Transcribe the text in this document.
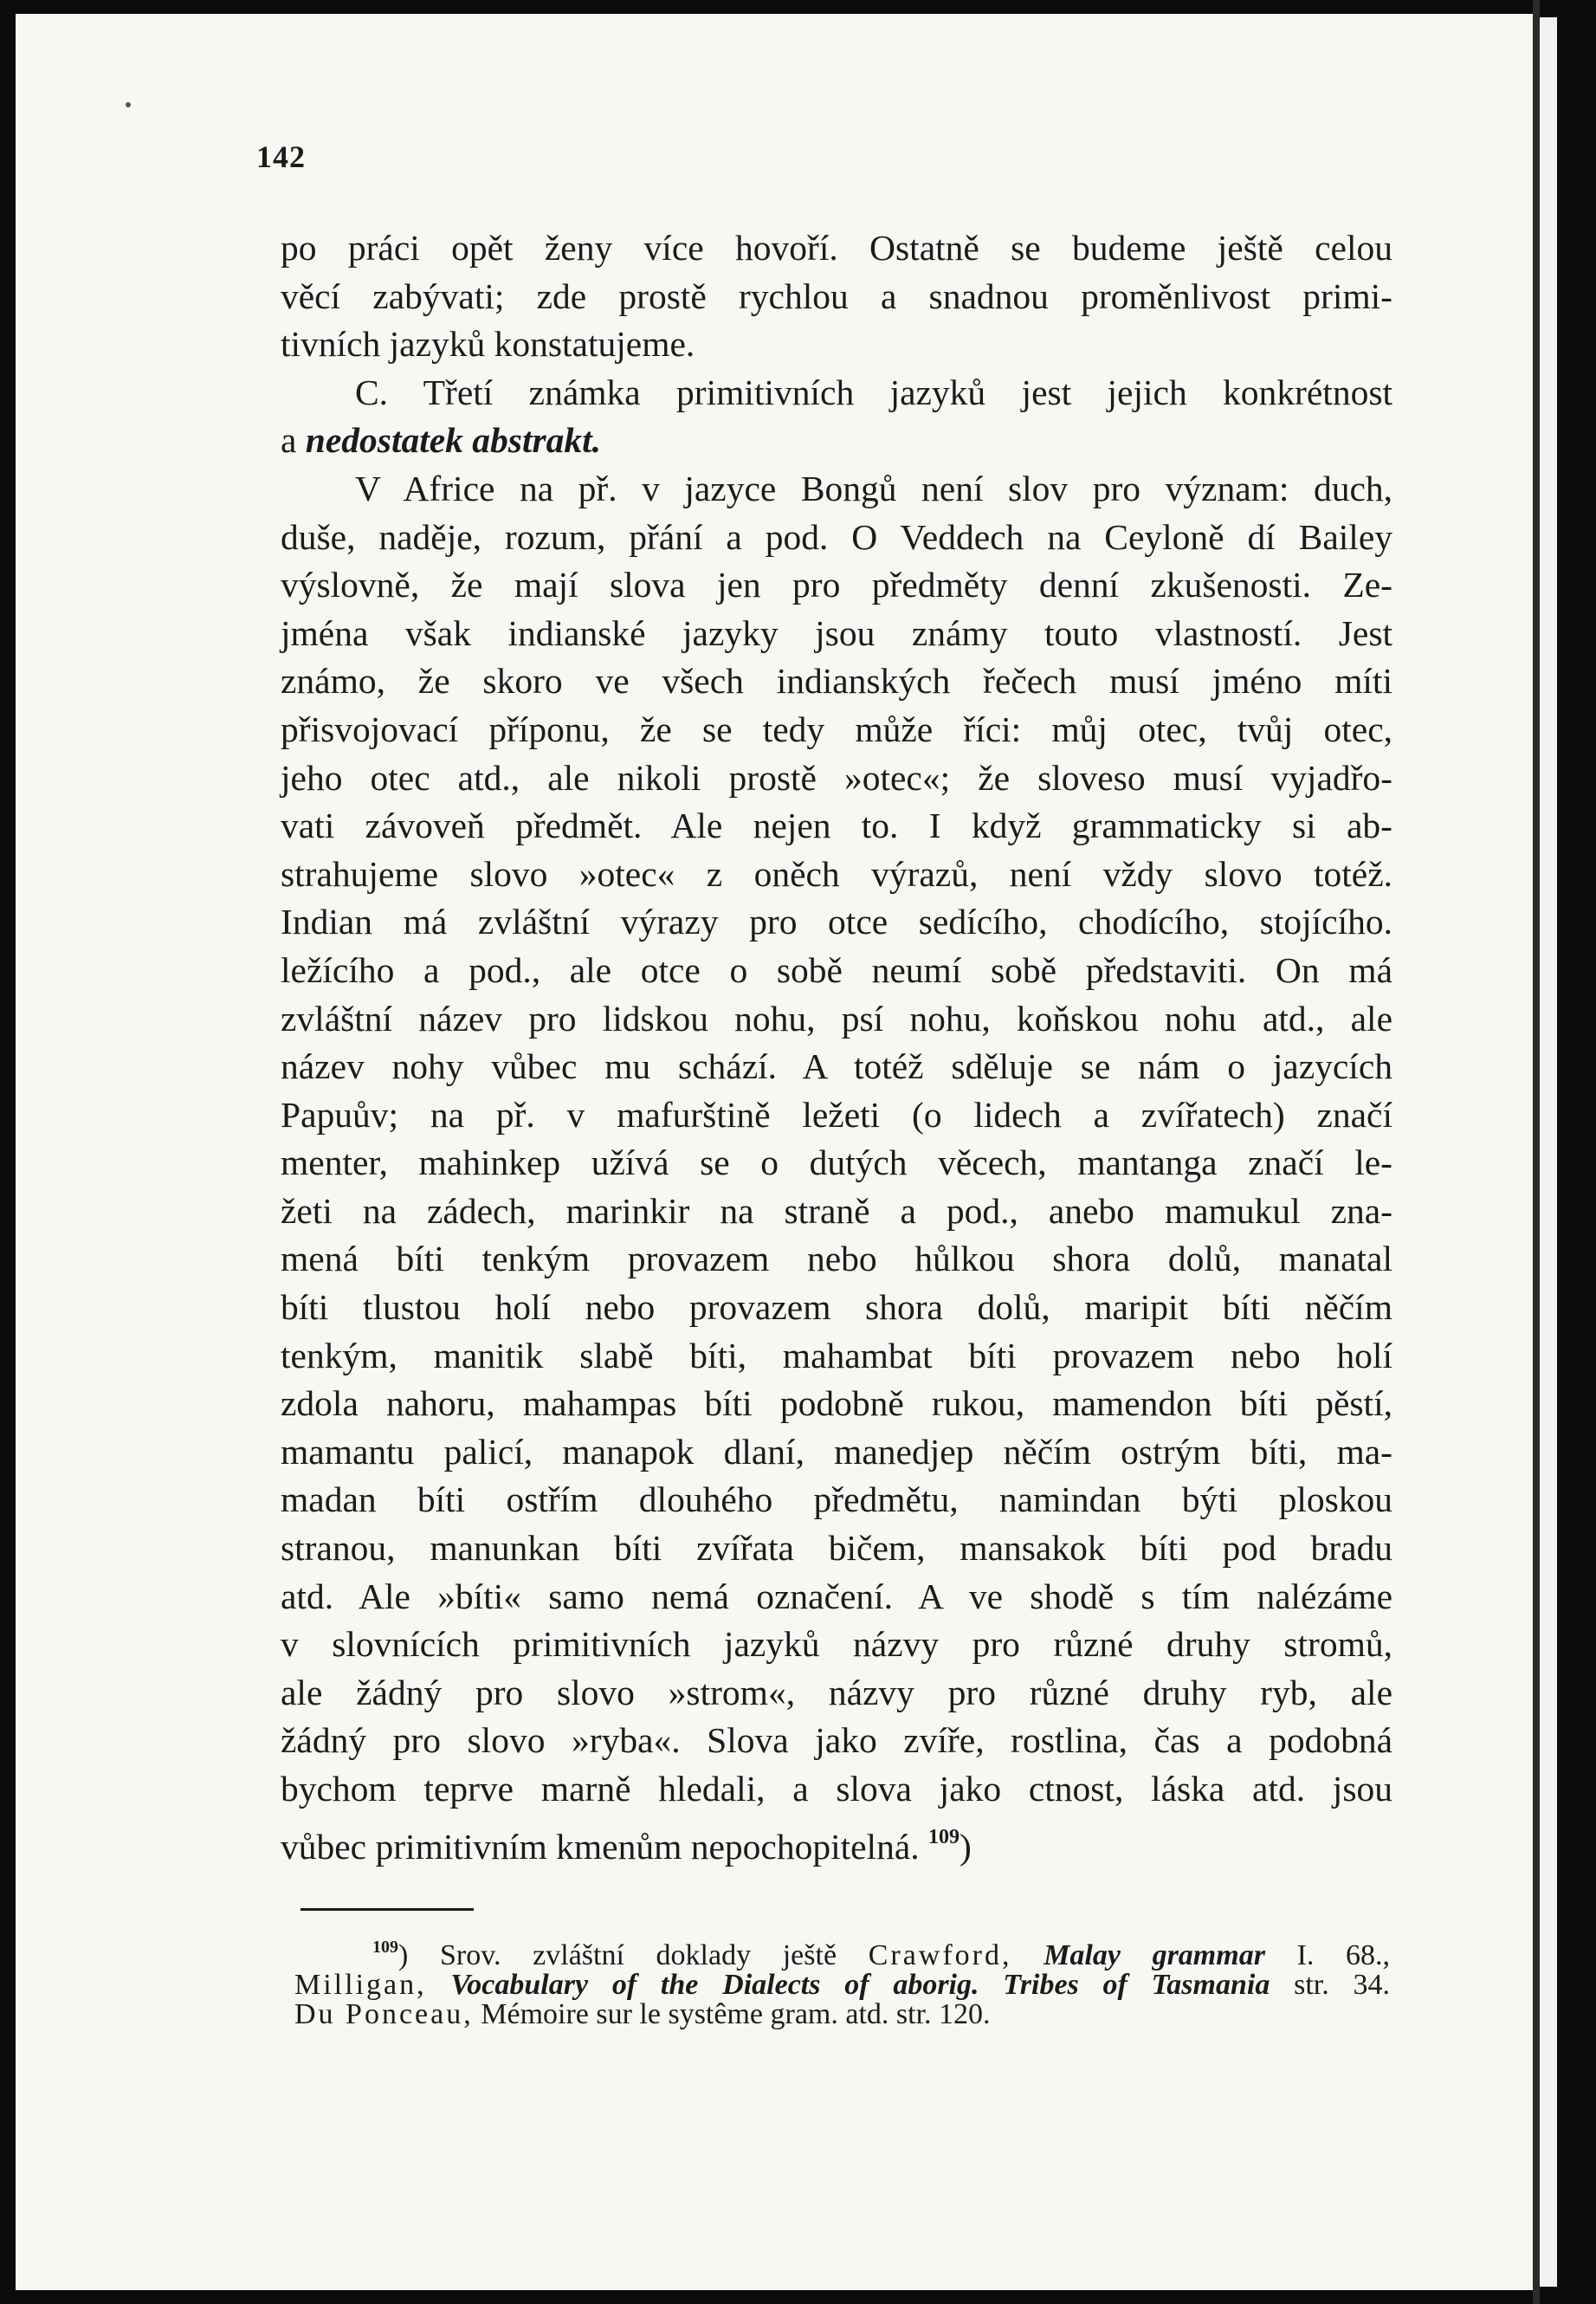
142
po práci opět ženy více hovoří. Ostatně se budeme ještě celou
věcí zabývati; zde prostě rychlou a snadnou proměnlivost primi-
tivních jazyků konstatujeme.
C. Třetí známka primitivních jazyků jest jejich konkrétnost
a nedostatek abstrakt.
V Africe na př. v jazyce Bongů není slov pro význam: duch,
duše, naděje, rozum, přání a pod. O Veddech na Ceyloně dí Bailey
výslovně, že mají slova jen pro předměty denní zkušenosti. Ze-
jména však indianské jazyky jsou známy touto vlastností. Jest
známo, že skoro ve všech indianských řečech musí jméno míti
přisvojovací příponu, že se tedy může říci: můj otec, tvůj otec,
jeho otec atd., ale nikoli prostě »otec«; že sloveso musí vyjadřo-
vati závoveň předmět. Ale nejen to. I když grammaticky si ab-
strahujeme slovo »otec« z oněch výrazů, není vždy slovo totéž.
Indian má zvláštní výrazy pro otce sedícího, chodícího, stojícího.
ležícího a pod., ale otce o sobě neumí sobě představiti. On má
zvláštní název pro lidskou nohu, psí nohu, koňskou nohu atd., ale
název nohy vůbec mu schází. A totéž sděluje se nám o jazycích
Papuův; na př. v mafurštině ležeti (o lidech a zvířatech) značí
menter, mahinkep užívá se o dutých věcech, mantanga značí le-
žeti na zádech, marinkir na straně a pod., anebo mamukul zna-
mená bíti tenkým provazem nebo hůlkou shora dolů, manatal
bíti tlustou holí nebo provazem shora dolů, maripit bíti něčím
tenkým, manitik slabě bíti, mahambat bíti provazem nebo holí
zdola nahoru, mahampas bíti podobně rukou, mamendon bíti pěstí,
mamantu palicí, manapok dlaní, manedjep něčím ostrým bíti, ma-
madan bíti ostřím dlouhého předmětu, namindan býti ploskou
stranou, manunkan bíti zvířata bičem, mansakok bíti pod bradu
atd. Ale »bíti« samo nemá označení. A ve shodě s tím nalézáme
v slovnících primitivních jazyků názvy pro různé druhy stromů,
ale žádný pro slovo »strom«, názvy pro různé druhy ryb, ale
žádný pro slovo »ryba«. Slova jako zvíře, rostlina, čas a podobná
bychom teprve marně hledali, a slova jako ctnost, láska atd. jsou
vůbec primitivním kmenům nepochopitelná. $^{109}$)
$^{109}$) Srov. zvláštní doklady ještě Crawford, Malay grammar I. 68.,
Milligan, Vocabulary of the Dialects of aborig. Tribes of Tasmania str. 34.
Du Ponceau, Mémoire sur le systême gram. atd. str. 120.
